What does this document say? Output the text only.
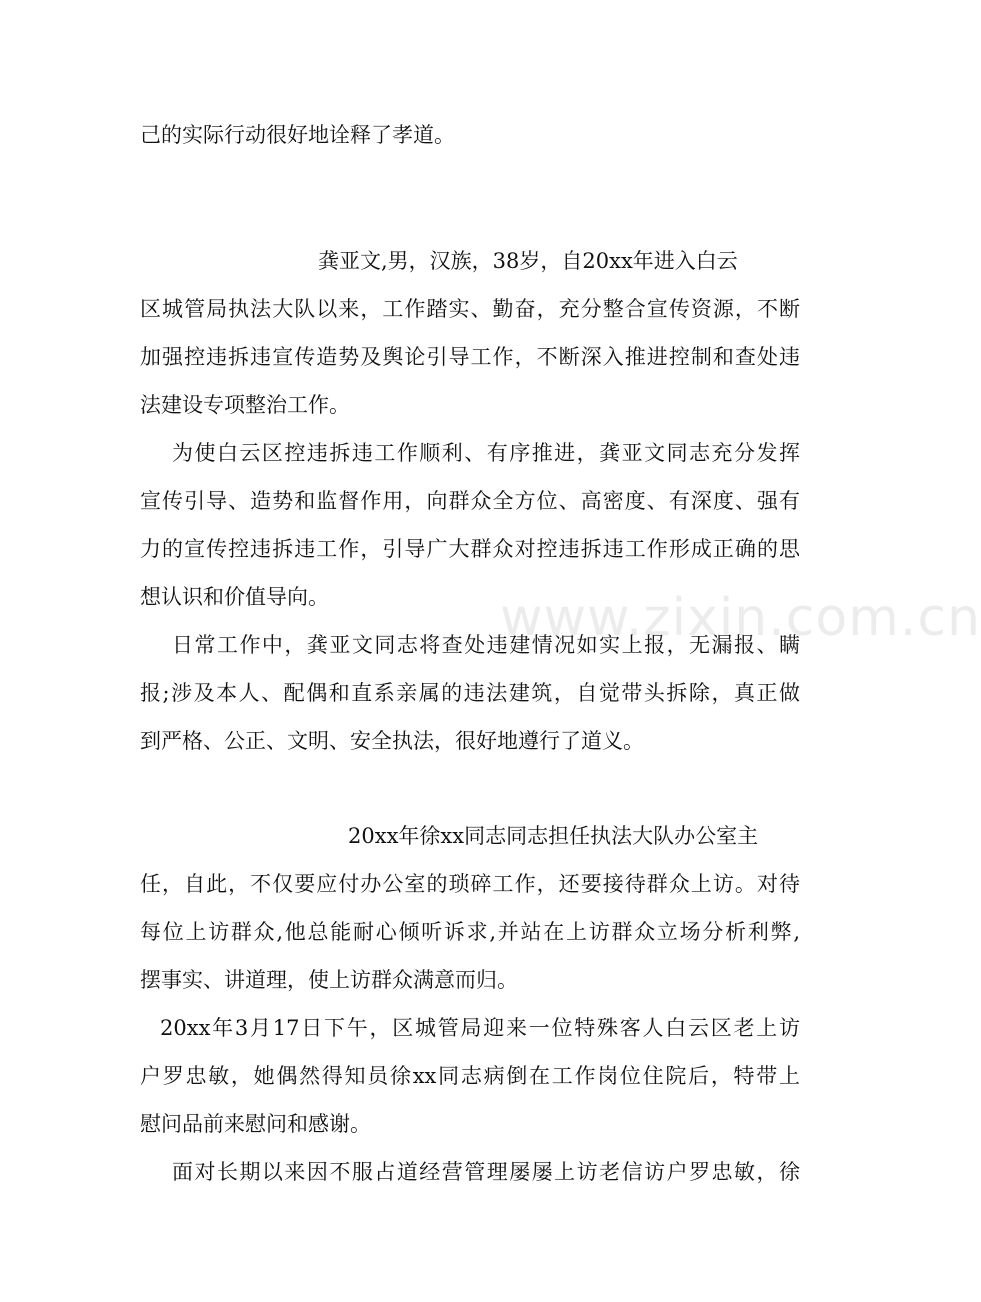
www.zixin.com.cn
己的实际行动很好地诠释了孝道。
龚亚文,男，汉族，38岁，自20xx年进入白云
区城管局执法大队以来，工作踏实、勤奋，充分整合宣传资源，不断
加强控违拆违宣传造势及舆论引导工作，不断深入推进控制和查处违
法建设专项整治工作。
为使白云区控违拆违工作顺利、有序推进，龚亚文同志充分发挥
宣传引导、造势和监督作用，向群众全方位、高密度、有深度、强有
力的宣传控违拆违工作，引导广大群众对控违拆违工作形成正确的思
想认识和价值导向。
日常工作中，龚亚文同志将查处违建情况如实上报，无漏报、瞒
报;涉及本人、配偶和直系亲属的违法建筑，自觉带头拆除，真正做
到严格、公正、文明、安全执法，很好地遵行了道义。
20xx年徐xx同志同志担任执法大队办公室主
任，自此，不仅要应付办公室的琐碎工作，还要接待群众上访。对待
每位上访群众,他总能耐心倾听诉求,并站在上访群众立场分析利弊,
摆事实、讲道理，使上访群众满意而归。
20xx年3月17日下午，区城管局迎来一位特殊客人白云区老上访
户罗忠敏，她偶然得知员徐xx同志病倒在工作岗位住院后，特带上
慰问品前来慰问和感谢。
面对长期以来因不服占道经营管理屡屡上访老信访户罗忠敏，徐
